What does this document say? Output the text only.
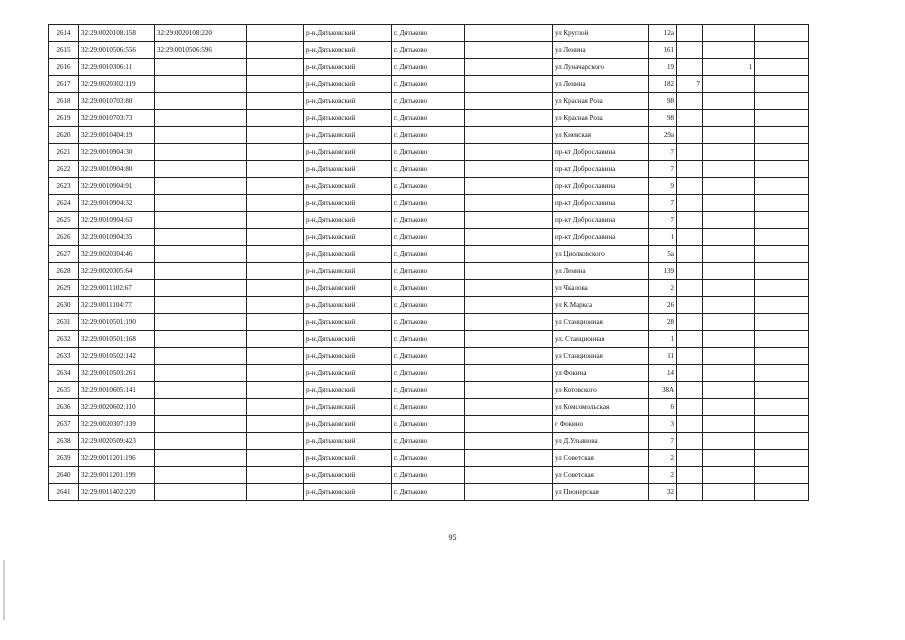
2614	32:29:0020108:158	32:29:0020108:220		р-н.Дятьковский	г. Дятьково		ул Круглой	12а			
2615	32:29:0010506:556	32:29:0010506:596		р-н.Дятьковский	г. Дятьково		ул Ленина	161			
2616	32:29:0010306:11			р-н.Дятьковский	г. Дятьково		ул Луначарского	19		1	
2617	32:29:0020302:119			р-н.Дятьковский	г. Дятьково		ул Ленина	182	7		
2618	32:29:0010703:80			р-н.Дятьковский	г. Дятьково		ул Красная Роза	98			
2619	32:29:0010703:73			р-н.Дятьковский	г. Дятьково		ул Красная Роза	98			
2620	32:29:0010404:19			р-н.Дятьковский	г. Дятьково		ул Киевская	29а			
2621	32:29:0010904:30			р-н.Дятьковский	г. Дятьково		пр-кт Доброславина	7			
2622	32:29:0010904:80			р-н.Дятьковский	г. Дятьково		пр-кт Доброславина	7			
2623	32:29:0010904:91			р-н.Дятьковский	г. Дятьково		пр-кт Доброславина	9			
2624	32:29:0010904:32			р-н.Дятьковский	г. Дятьково		пр-кт Доброславина	7			
2625	32:29:0010904:63			р-н.Дятьковский	г. Дятьково		пр-кт Доброславина	7			
2626	32:29:0010904:35			р-н.Дятьковский	г. Дятьково		пр-кт Доброславина	1			
2627	32:29:0020304:46			р-н.Дятьковский	г. Дятьково		ул Циолковского	5а			
2628	32:29:0020305:64			р-н.Дятьковский	г. Дятьково		ул Ленина	139			
2629	32:29:0011102:67			р-н.Дятьковский	г. Дятьково		ул Чкалова	2			
2630	32:29:0011104:77			р-н.Дятьковский	г. Дятьково		ул К.Маркса	26			
2631	32:29:0010501:190			р-н.Дятьковский	г. Дятьково		ул Станционная	28			
2632	32:29:0010501:168			р-н.Дятьковский	г. Дятьково		ул. Станционная	1			
2633	32:29:0010502:142			р-н.Дятьковский	г. Дятьково		ул Станционная	11			
2634	32:29:0010503:261			р-н.Дятьковский	г. Дятьково		ул Фокина	14			
2635	32:29:0010605:141			р-н.Дятьковский	г. Дятьково		ул Котовского	38А			
2636	32:29:0020602:110			р-н.Дятьковский	г. Дятьково		ул Комсомольская	6			
2637	32:29:0020307:139			р-н.Дятьковский	г. Дятьково		г Фокино	3			
2638	32:29:0020509:423			р-н.Дятьковский	г. Дятьково		ул Д.Ульянова	7			
2639	32:29:0011201:196			р-н.Дятьковский	г. Дятьково		ул Советская	2			
2640	32:29:0011201:199			р-н.Дятьковский	г. Дятьково		ул Советская	2			
2641	32:29:0011402:220			р-н.Дятьковский	г. Дятьково		ул Пионерская	32			
95
